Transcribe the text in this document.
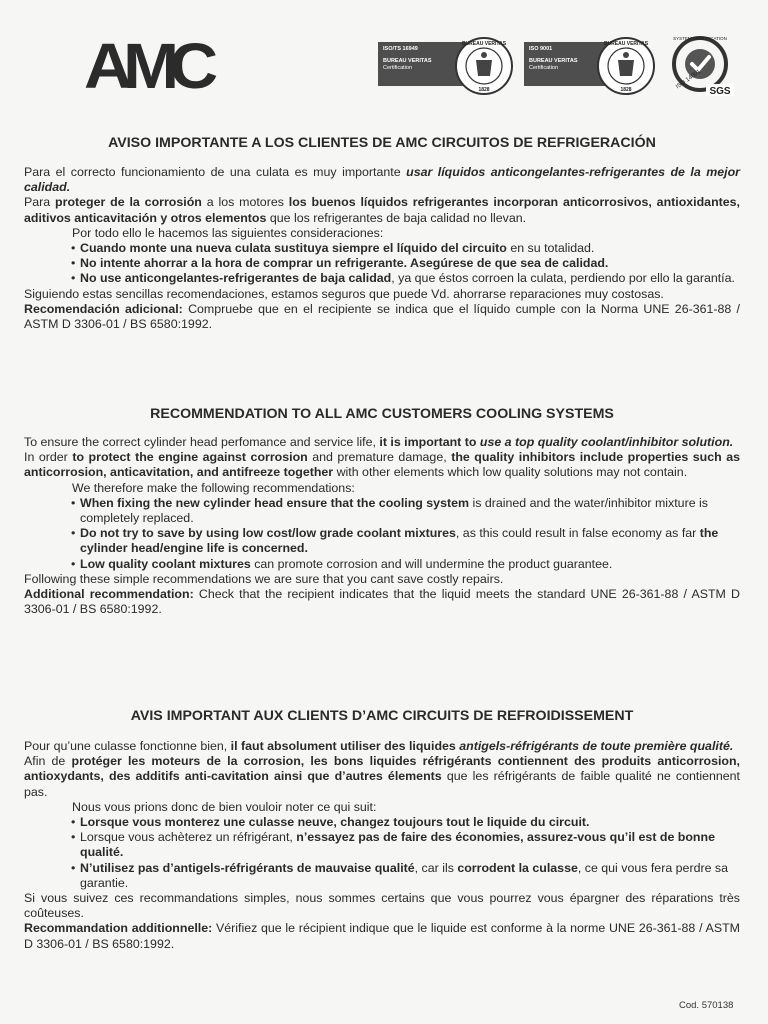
AMC	ISO/TS 16949
BUREAU VERITAS
Certification
BUREAU VERITAS
1828
ISO 9001
BUREAU VERITAS
Certification
BUREAU VERITAS
1828
SYSTEM CERTIFICATION
ISO 14001
SGS
AVISO IMPORTANTE A LOS CLIENTES DE AMC CIRCUITOS DE REFRIGERACIÓN

Para el correcto funcionamiento de una culata es muy importante usar líquidos anticongelantes-refrigerantes de la mejor calidad.

Para proteger de la corrosión a los motores los buenos líquidos refrigerantes incorporan anticorrosivos, antioxidantes, aditivos anticavitación y otros elementos que los refrigerantes de baja calidad no llevan.

Por todo ello le hacemos las siguientes consideraciones:

• Cuando monte una nueva culata sustituya siempre el líquido del circuito en su totalidad.
• No intente ahorrar a la hora de comprar un refrigerante. Asegúrese de que sea de calidad.
• No use anticongelantes-refrigerantes de baja calidad, ya que éstos corroen la culata, perdiendo por ello la garantía.

Siguiendo estas sencillas recomendaciones, estamos seguros que puede Vd. ahorrarse reparaciones muy costosas.

Recomendación adicional: Compruebe que en el recipiente se indica que el líquido cumple con la Norma UNE 26-361-88 / ASTM D 3306-01 / BS 6580:1992.

RECOMMENDATION TO ALL AMC CUSTOMERS COOLING SYSTEMS

To ensure the correct cylinder head perfomance and service life, it is important to use a top quality coolant/inhibitor solution.

In order to protect the engine against corrosion and premature damage, the quality inhibitors include properties such as anticorrosion, anticavitation, and antifreeze together with other elements which low quality solutions may not contain.

We therefore make the following recommendations:

• When fixing the new cylinder head ensure that the cooling system is drained and the water/inhibitor mixture is completely replaced.
• Do not try to save by using low cost/low grade coolant mixtures, as this could result in false economy as far the cylinder head/engine life is concerned.
• Low quality coolant mixtures can promote corrosion and will undermine the product guarantee.

Following these simple recommendations we are sure that you cant save costly repairs.

Additional recommendation: Check that the recipient indicates that the liquid meets the standard UNE 26-361-88 / ASTM D 3306-01 / BS 6580:1992.

AVIS IMPORTANT AUX CLIENTS D’AMC CIRCUITS DE REFROIDISSEMENT

Pour qu’une culasse fonctionne bien, il faut absolument utiliser des liquides antigels-réfrigérants de toute première qualité.

Afin de protéger les moteurs de la corrosion, les bons liquides réfrigérants contiennent des produits anticorrosion, antioxydants, des additifs anti-cavitation ainsi que d’autres élements que les réfrigérants de faible qualité ne contiennent pas.

Nous vous prions donc de bien vouloir noter ce qui suit:

• Lorsque vous monterez une culasse neuve, changez toujours tout le liquide du circuit.
• Lorsque vous achèterez un réfrigérant, n’essayez pas de faire des économies, assurez-vous qu’il est de bonne qualité.
• N’utilisez pas d’antigels-réfrigérants de mauvaise qualité, car ils corrodent la culasse, ce qui vous fera perdre sa garantie.

Si vous suivez ces recommandations simples, nous sommes certains que vous pourrez vous épargner des réparations très coûteuses.

Recommandation additionnelle: Vérifiez que le récipient indique que le liquide est conforme à la norme UNE 26-361-88 / ASTM D 3306-01 / BS 6580:1992.

Cod. 570138
